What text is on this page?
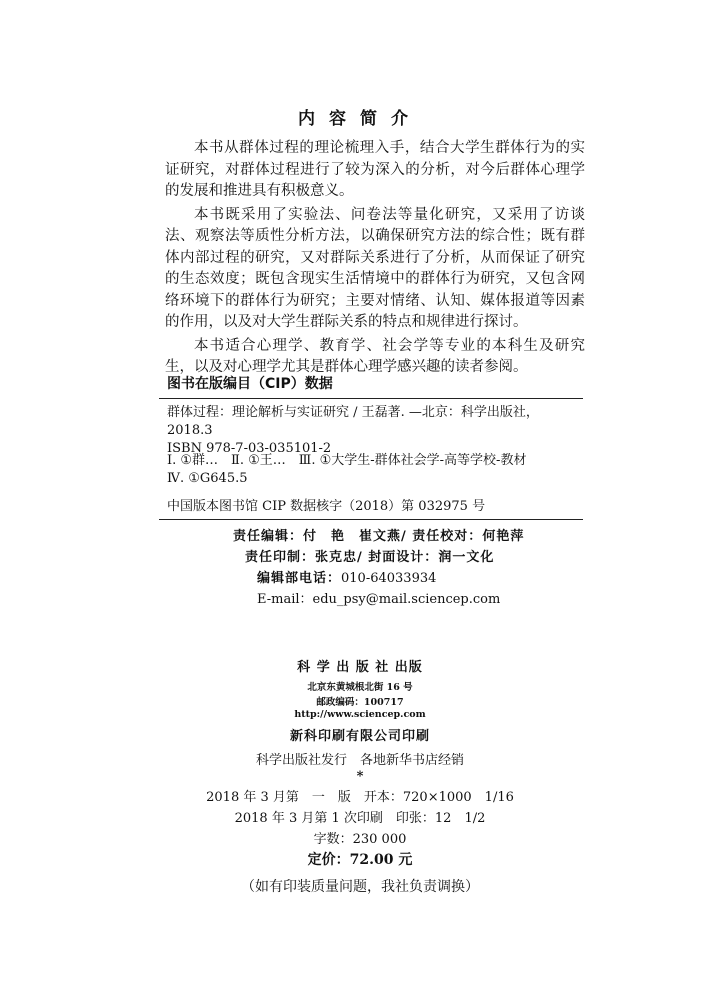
内容简介

本书从群体过程的理论梳理入手，结合大学生群体行为的实证研究，对群体过程进行了较为深入的分析，对今后群体心理学的发展和推进具有积极意义。

本书既采用了实验法、问卷法等量化研究，又采用了访谈法、观察法等质性分析方法，以确保研究方法的综合性；既有群体内部过程的研究，又对群际关系进行了分析，从而保证了研究的生态效度；既包含现实生活情境中的群体行为研究，又包含网络环境下的群体行为研究；主要对情绪、认知、媒体报道等因素的作用，以及对大学生群际关系的特点和规律进行探讨。

本书适合心理学、教育学、社会学等专业的本科生及研究生，以及对心理学尤其是群体心理学感兴趣的读者参阅。

图书在版编目（CIP）数据
群体过程：理论解析与实证研究 / 王磊著. —北京：科学出版社，2018.3
ISBN 978-7-03-035101-2
Ⅰ. ①群…　Ⅱ. ①王…　Ⅲ. ①大学生-群体社会学-高等学校-教材
Ⅳ. ①G645.5
中国版本图书馆 CIP 数据核字（2018）第 032975 号
责任编辑：付　艳　崔文燕/ 责任校对：何艳萍
责任印制：张克忠/ 封面设计：润一文化
编辑部电话：010-64033934
E-mail：edu_psy@mail.sciencep.com
科 学 出 版 社 出版
北京东黄城根北街 16 号
邮政编码：100717
http://www.sciencep.com
新科印刷有限公司印刷
科学出版社发行　各地新华书店经销
*
2018 年 3 月第　一　版　开本：720×1000　1/16
2018 年 3 月第 1 次印刷　印张：12　1/2
字数：230 000
定价：72.00 元
（如有印装质量问题，我社负责调换）
